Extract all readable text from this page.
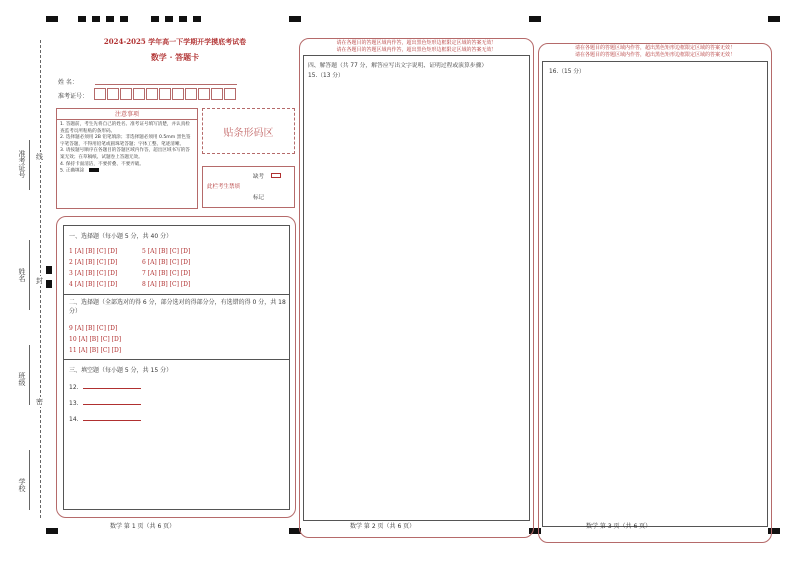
准考证号
姓名
班级
学校
线
封
密
2024-2025 学年高一下学期开学摸底考试卷
数学 · 答题卡
姓 名：
准考证号：
注意事项
1. 答题前，考生先将自己的姓名、准考证号填写清楚，并认真检查监考员所粘贴的条形码。
2. 选择题必须用 2B 铅笔填涂；非选择题必须用 0.5mm 黑色签字笔答题，不得用铅笔或圆珠笔答题；字体工整、笔迹清晰。
3. 请按题号顺序在各题目的答题区域内作答，超出区域书写的答案无效；在草稿纸、试题卷上答题无效。
4. 保持卡面清洁，不要折叠、不要弄破。
5. 正确填涂
贴条形码区
缺考
此栏考生禁填
标记
一、选择题（每小题 5 分，共 40 分）
1 [A] [B] [C] [D]
2 [A] [B] [C] [D]
3 [A] [B] [C] [D]
4 [A] [B] [C] [D]
5 [A] [B] [C] [D]
6 [A] [B] [C] [D]
7 [A] [B] [C] [D]
8 [A] [B] [C] [D]
二、选择题（全部选对的得 6 分，部分选对的得部分分，有选错的得 0 分，共 18 分）
9 [A] [B] [C] [D]
10 [A] [B] [C] [D]
11 [A] [B] [C] [D]
三、填空题（每小题 5 分，共 15 分）
12.
13.
14.
数学 第 1 页（共 6 页）
请在各题目的答题区域内作答，超出黑色矩形边框限定区域的答案无效！
请在各题目的答题区域内作答，超出黑色矩形边框限定区域的答案无效！
四、解答题（共 77 分，解答应写出文字说明、证明过程或演算步骤）
15.（13 分）
数学 第 2 页（共 6 页）
请在各题目的答题区域内作答，超出黑色矩形边框限定区域的答案无效！
请在各题目的答题区域内作答，超出黑色矩形边框限定区域的答案无效！
16.（15 分）
数学 第 3 页（共 6 页）
